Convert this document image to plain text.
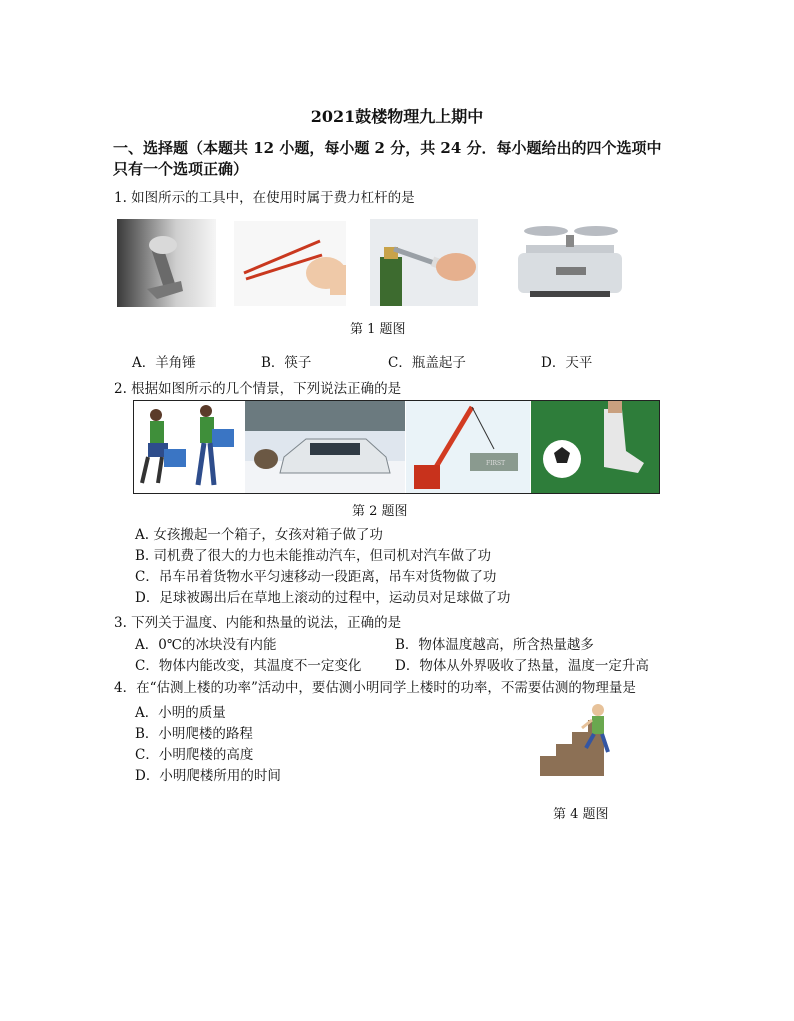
2021鼓楼物理九上期中
一、选择题（本题共 12 小题，每小题 2 分，共 24 分．每小题给出的四个选项中
只有一个选项正确）
1. 如图所示的工具中，在使用时属于费力杠杆的是
第 1 题图
A．羊角锤	B．筷子	C．瓶盖起子	D．天平
2. 根据如图所示的几个情景，下列说法正确的是
FIRST
第 2 题图
A. 女孩搬起一个箱子，女孩对箱子做了功
B. 司机费了很大的力也未能推动汽车，但司机对汽车做了功
C．吊车吊着货物水平匀速移动一段距离，吊车对货物做了功
D．足球被踢出后在草地上滚动的过程中，运动员对足球做了功
3. 下列关于温度、内能和热量的说法，正确的是
A．0℃的冰块没有内能	B．物体温度越高，所含热量越多
C．物体内能改变，其温度不一定变化 D．物体从外界吸收了热量，温度一定升高
4．在“估测上楼的功率”活动中，要估测小明同学上楼时的功率，不需要估测的物理量是
A．小明的质量
B．小明爬楼的路程
C．小明爬楼的高度
D．小明爬楼所用的时间
第 4 题图
